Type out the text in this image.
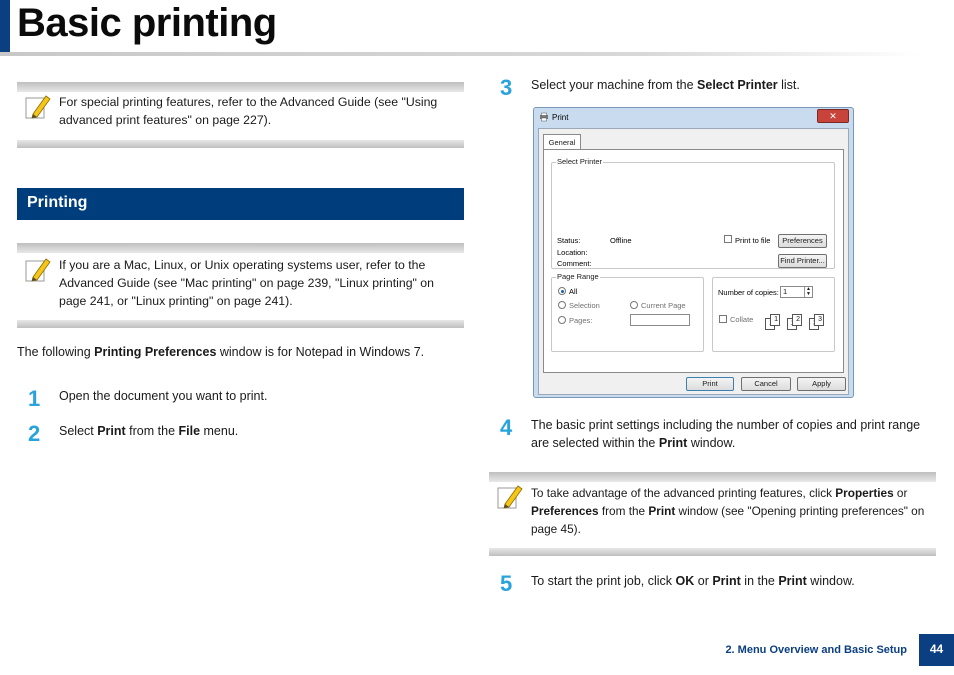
Basic printing
For special printing features, refer to the Advanced Guide (see "Using advanced print features" on page 227).
Printing
If you are a Mac, Linux, or Unix operating systems user, refer to the Advanced Guide (see "Mac printing" on page 239, "Linux printing" on page 241, or "Linux printing" on page 241).
The following Printing Preferences window is for Notepad in Windows 7.
1 Open the document you want to print.
2 Select Print from the File menu.
3 Select your machine from the Select Printer list.
Print	✕
General
Select Printer
Status:	Offline
Location:
Comment:
Print to file	Preferences
Find Printer...
Page Range
All
Selection	Current Page
Pages:
Number of copies: 1	▲
▼
Collate	1	2	3
Print	Cancel	Apply
4 The basic print settings including the number of copies and print range are selected within the Print window.
To take advantage of the advanced printing features, click Properties or Preferences from the Print window (see "Opening printing preferences" on page 45).
5 To start the print job, click OK or Print in the Print window.
2. Menu Overview and Basic Setup	44
